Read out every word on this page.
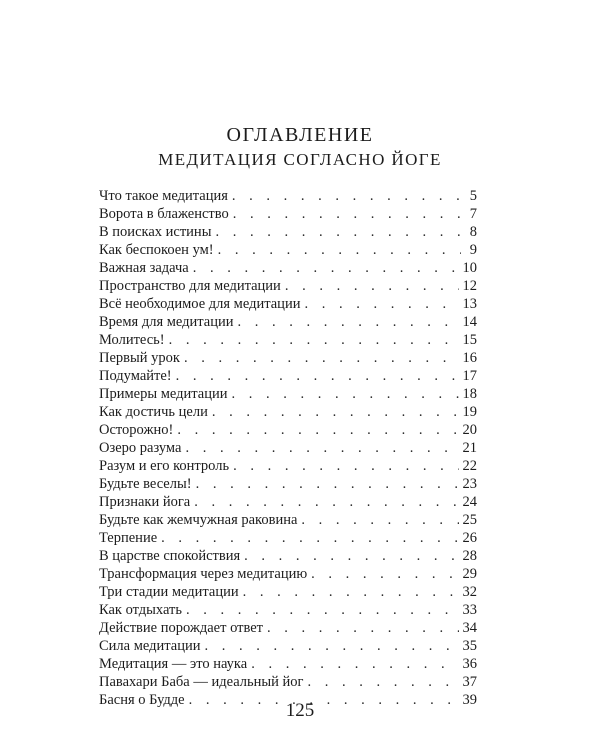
ОГЛАВЛЕНИЕ
МЕДИТАЦИЯ СОГЛАСНО ЙОГЕ
Что такое медитация . . .	5
Ворота в блаженство . . .	7
В поисках истины . . .	8
Как беспокоен ум! . . .	9
Важная задача . . .	10
Пространство для медитации . . .	12
Всё необходимое для медитации . . .	13
Время для медитации . . .	14
Молитесь! . . .	15
Первый урок . . .	16
Подумайте! . . .	17
Примеры медитации . . .	18
Как достичь цели . . .	19
Осторожно! . . .	20
Озеро разума . . .	21
Разум и его контроль . . .	22
Будьте веселы! . . .	23
Признаки йога . . .	24
Будьте как жемчужная раковина . . .	25
Терпение . . .	26
В царстве спокойствия . . .	28
Трансформация через медитацию . . .	29
Три стадии медитации . . .	32
Как отдыхать . . .	33
Действие порождает ответ . . .	34
Сила медитации . . .	35
Медитация — это наука . . .	36
Павахари Баба — идеальный йог . . .	37
Басня о Будде . . .	39
125
